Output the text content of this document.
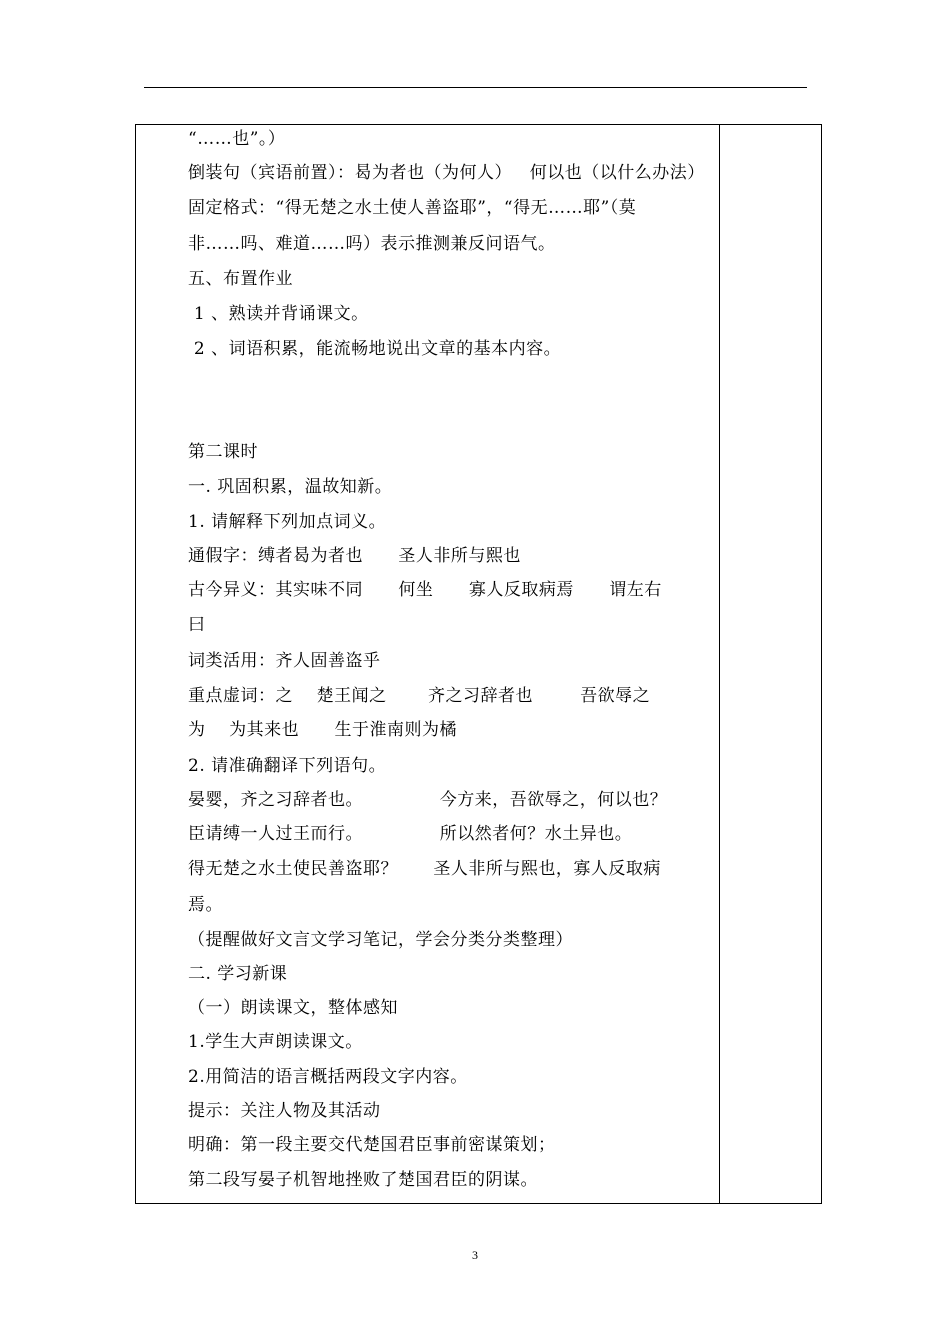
“……也”。）
倒装句（宾语前置）：曷为者也（为何人）   何以也（以什么办法）
固定格式：“得无楚之水土使人善盗耶”，“得无……耶”（莫
非……吗、难道……吗）表示推测兼反问语气。
五、布置作业
1 、熟读并背诵课文。
2 、词语积累，能流畅地说出文章的基本内容。
第二课时
一. 巩固积累，温故知新。
1. 请解释下列加点词义。
通假字：缚者曷为者也      圣人非所与熙也
古今异义：其实味不同      何坐      寡人反取病焉      谓左右
曰
词类活用：齐人固善盗乎
重点虚词：之    楚王闻之       齐之习辞者也        吾欲辱之
为    为其来也      生于淮南则为橘
2. 请准确翻译下列语句。
晏婴，齐之习辞者也。             今方来，吾欲辱之，何以也？
臣请缚一人过王而行。             所以然者何？水土异也。
得无楚之水土使民善盗耶？      圣人非所与熙也，寡人反取病
焉。
（提醒做好文言文学习笔记，学会分类分类整理）
二. 学习新课
（一）朗读课文，整体感知
1.学生大声朗读课文。
2.用简洁的语言概括两段文字内容。
提示：关注人物及其活动
明确：第一段主要交代楚国君臣事前密谋策划；
第二段写晏子机智地挫败了楚国君臣的阴谋。
3
